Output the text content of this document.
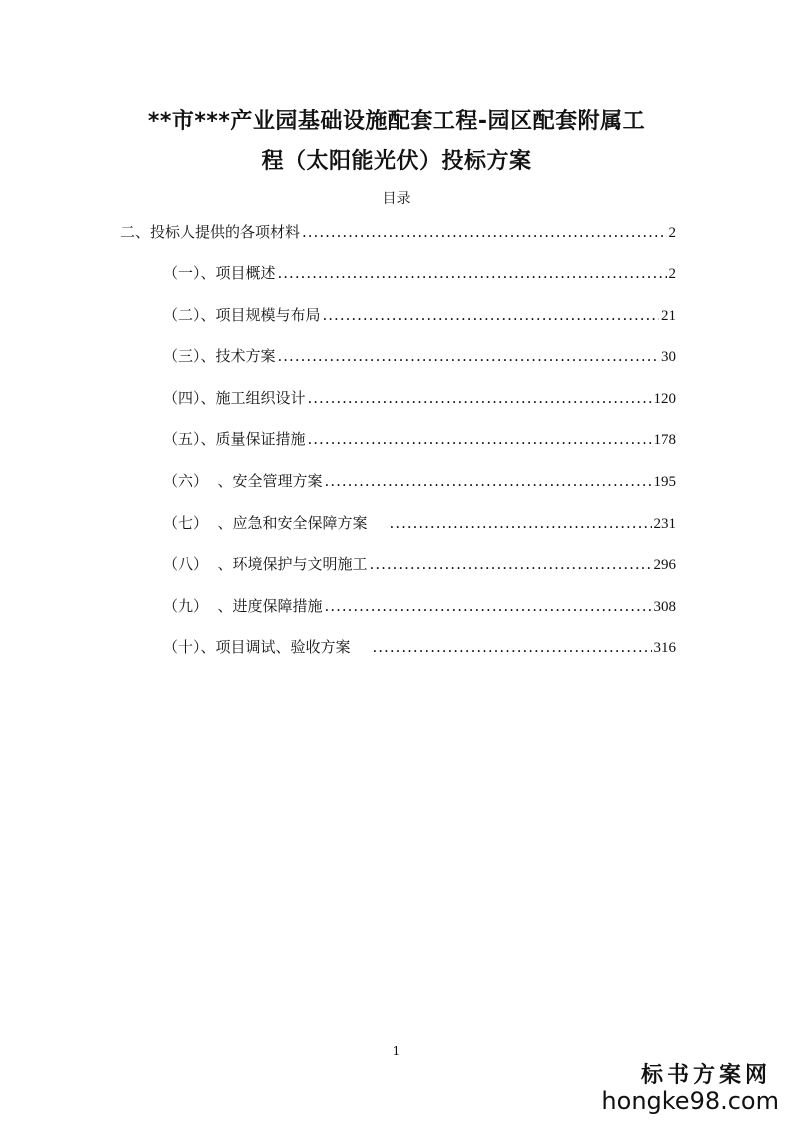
**市***产业园基础设施配套工程-园区配套附属工
程（太阳能光伏）投标方案
目录
二、投标人提供的各项材料 .....	2
（一）、项目概述 .....	2
（二）、项目规模与布局 .....	21
（三）、技术方案 .....	30
（四）、施工组织设计 .....	120
（五）、质量保证措施 .....	178
（六）  、安全管理方案 .....	195
（七）  、应急和安全保障方案 .....	231
（八）  、环境保护与文明施工 .....	296
（九）  、进度保障措施 .....	308
（十）、项目调试、验收方案 .....	316
1
标书方案网
hongke98.com
